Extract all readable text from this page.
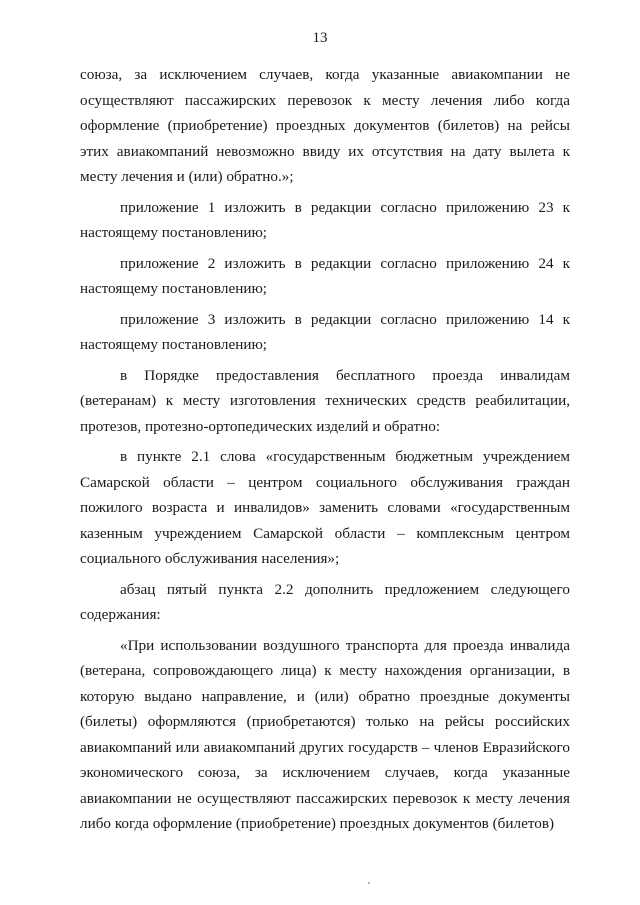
13

союза, за исключением случаев, когда указанные авиакомпании не осуществляют пассажирских перевозок к месту лечения либо когда оформление (приобретение) проездных документов (билетов) на рейсы этих авиакомпаний невозможно ввиду их отсутствия на дату вылета к месту лечения и (или) обратно.»;

приложение 1 изложить в редакции согласно приложению 23 к настоящему постановлению;

приложение 2 изложить в редакции согласно приложению 24 к настоящему постановлению;

приложение 3 изложить в редакции согласно приложению 14 к настоящему постановлению;

в Порядке предоставления бесплатного проезда инвалидам (ветеранам) к месту изготовления технических средств реабилитации, протезов, протезно-ортопедических изделий и обратно:

в пункте 2.1 слова «государственным бюджетным учреждением Самарской области – центром социального обслуживания граждан пожилого возраста и инвалидов» заменить словами «государственным казенным учреждением Самарской области – комплексным центром социального обслуживания населения»;

абзац пятый пункта 2.2 дополнить предложением следующего содержания:

«При использовании воздушного транспорта для проезда инвалида (ветерана, сопровождающего лица) к месту нахождения организации, в которую выдано направление, и (или) обратно проездные документы (билеты) оформляются (приобретаются) только на рейсы российских авиакомпаний или авиакомпаний других государств – членов Евразийского экономического союза, за исключением случаев, когда указанные авиакомпании не осуществляют пассажирских перевозок к месту лечения либо когда оформление (приобретение) проездных документов (билетов)
